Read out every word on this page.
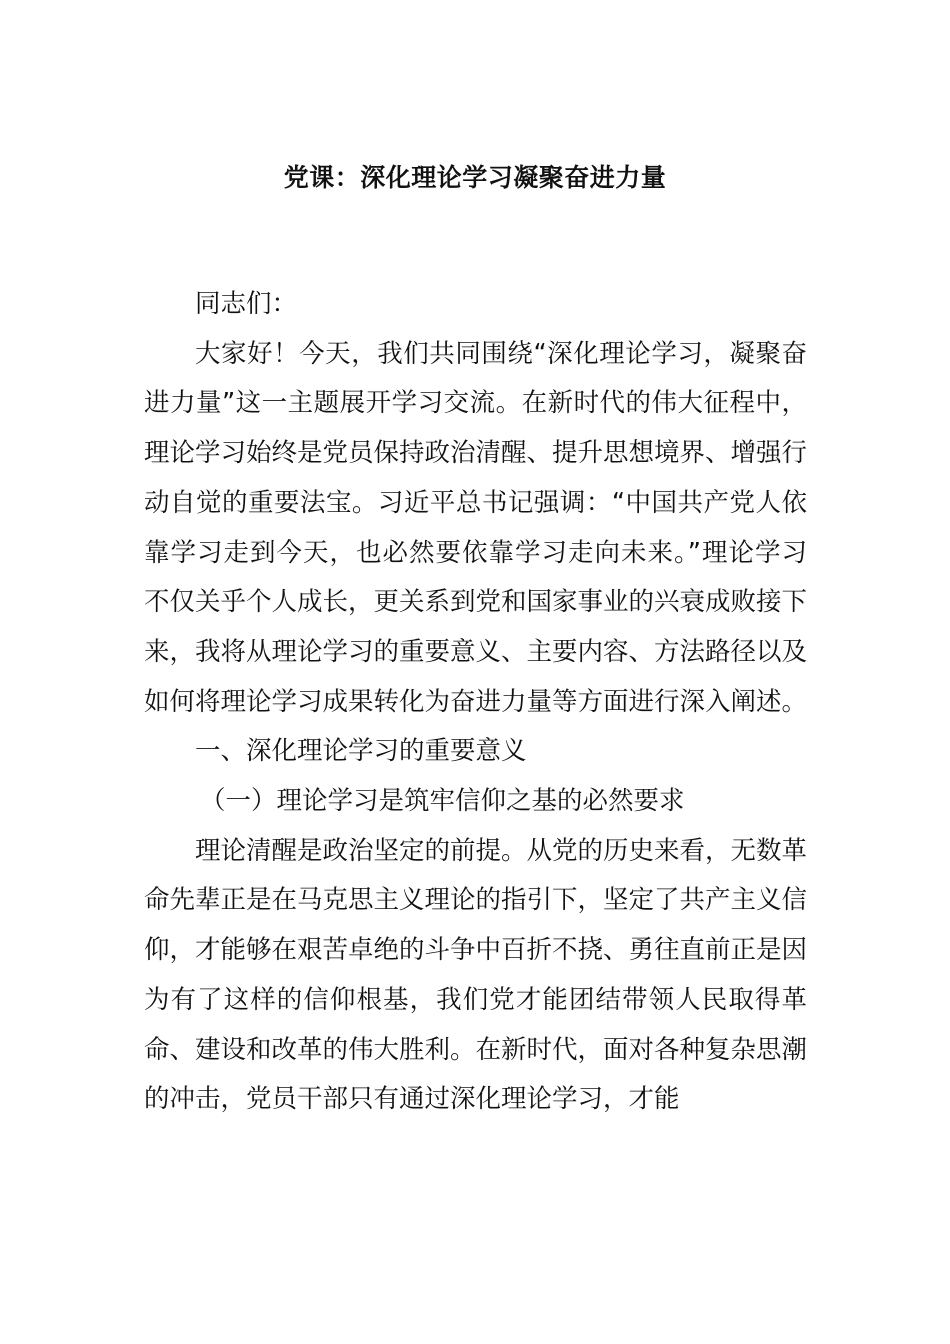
党课：深化理论学习凝聚奋进力量

同志们：

大家好！今天，我们共同围绕“深化理论学习，凝聚奋进力量”这一主题展开学习交流。在新时代的伟大征程中，理论学习始终是党员保持政治清醒、提升思想境界、增强行动自觉的重要法宝。习近平总书记强调：“中国共产党人依靠学习走到今天，也必然要依靠学习走向未来。”理论学习不仅关乎个人成长，更关系到党和国家事业的兴衰成败接下来，我将从理论学习的重要意义、主要内容、方法路径以及如何将理论学习成果转化为奋进力量等方面进行深入阐述。

一、深化理论学习的重要意义

（一）理论学习是筑牢信仰之基的必然要求

理论清醒是政治坚定的前提。从党的历史来看，无数革命先辈正是在马克思主义理论的指引下，坚定了共产主义信仰，才能够在艰苦卓绝的斗争中百折不挠、勇往直前正是因为有了这样的信仰根基，我们党才能团结带领人民取得革命、建设和改革的伟大胜利。在新时代，面对各种复杂思潮的冲击，党员干部只有通过深化理论学习，才能
